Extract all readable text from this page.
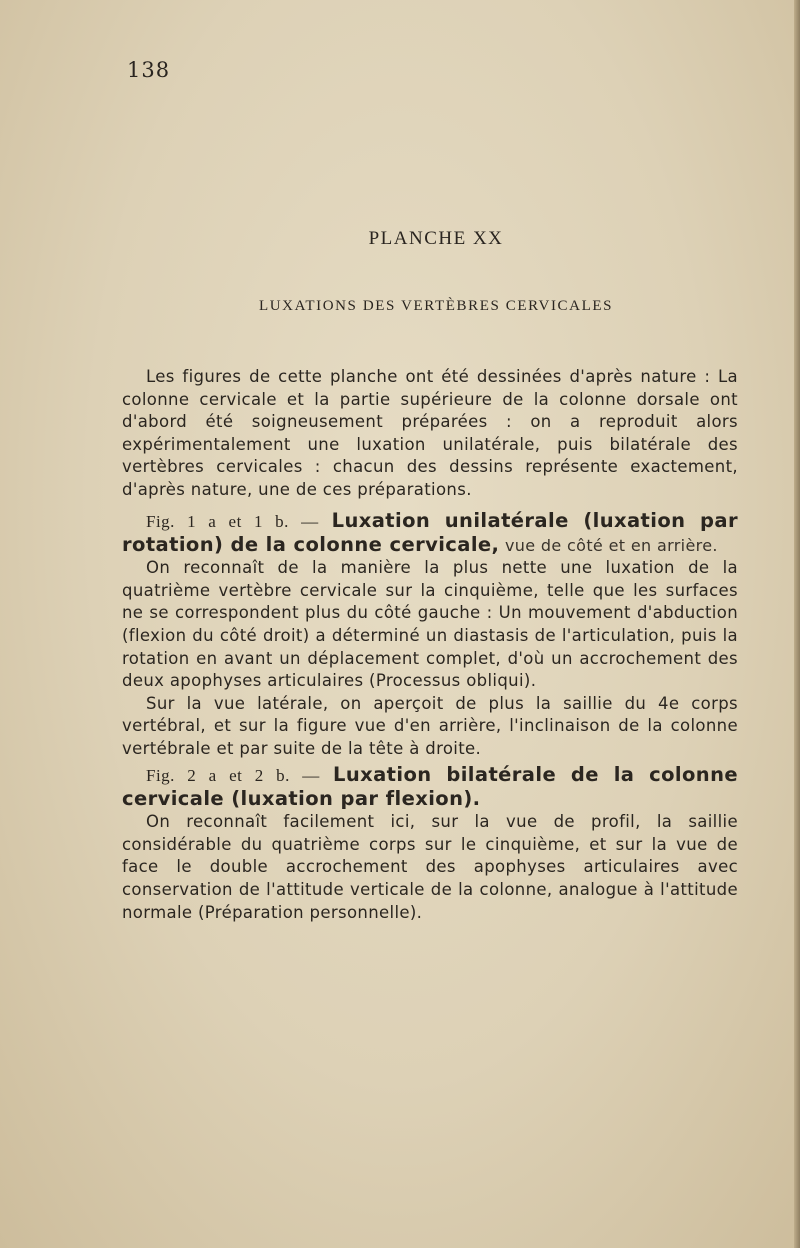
138
PLANCHE XX
LUXATIONS DES VERTÈBRES CERVICALES

Les figures de cette planche ont été dessinées d'après nature : La colonne cervicale et la partie supérieure de la colonne dorsale ont d'abord été soigneusement préparées : on a reproduit alors expérimentalement une luxation unilatérale, puis bilatérale des vertèbres cervicales : chacun des dessins représente exactement, d'après nature, une de ces préparations.

Fig. 1 a et 1 b. — Luxation unilatérale (luxation par rotation) de la colonne cervicale, vue de côté et en arrière.

On reconnaît de la manière la plus nette une luxation de la quatrième vertèbre cervicale sur la cinquième, telle que les surfaces ne se correspondent plus du côté gauche : Un mouvement d'abduction (flexion du côté droit) a déterminé un diastasis de l'articulation, puis la rotation en avant un déplacement complet, d'où un accrochement des deux apophyses articulaires (Processus obliqui).

Sur la vue latérale, on aperçoit de plus la saillie du 4e corps vertébral, et sur la figure vue d'en arrière, l'inclinaison de la colonne vertébrale et par suite de la tête à droite.

Fig. 2 a et 2 b. — Luxation bilatérale de la colonne cervicale (luxation par flexion).

On reconnaît facilement ici, sur la vue de profil, la saillie considérable du quatrième corps sur le cinquième, et sur la vue de face le double accrochement des apophyses articulaires avec conservation de l'attitude verticale de la colonne, analogue à l'attitude normale (Préparation personnelle).
